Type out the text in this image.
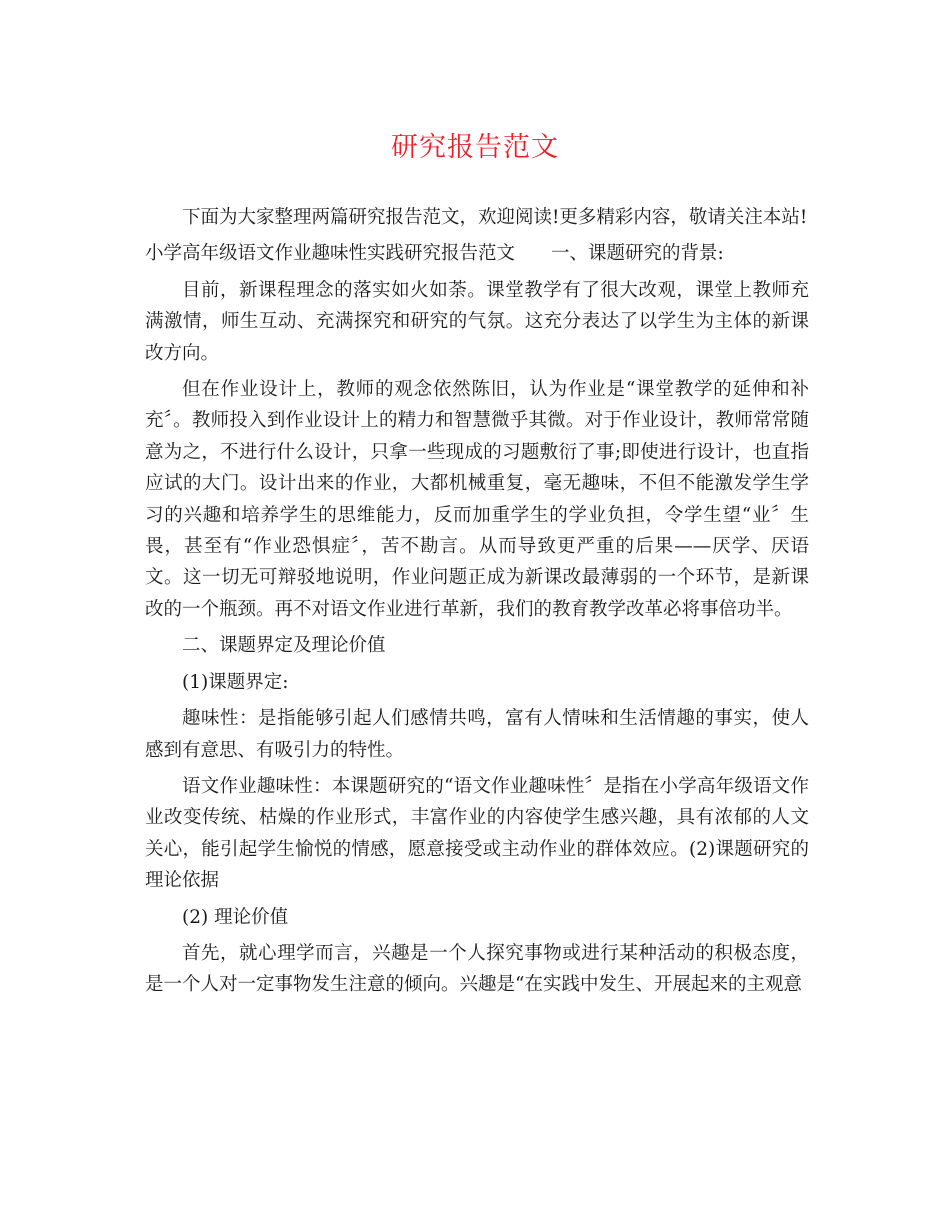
研究报告范文

下面为大家整理两篇研究报告范文，欢迎阅读!更多精彩内容，敬请关注本站!

小学高年级语文作业趣味性实践研究报告范文 一、课题研究的背景:

目前，新课程理念的落实如火如荼。课堂教学有了很大改观，课堂上教师充满激情，师生互动、充满探究和研究的气氛。这充分表达了以学生为主体的新课改方向。

但在作业设计上，教师的观念依然陈旧，认为作业是“课堂教学的延伸和补充〞。教师投入到作业设计上的精力和智慧微乎其微。对于作业设计，教师常常随意为之，不进行什么设计，只拿一些现成的习题敷衍了事;即使进行设计，也直指应试的大门。设计出来的作业，大都机械重复，毫无趣味，不但不能激发学生学习的兴趣和培养学生的思维能力，反而加重学生的学业负担，令学生望“业〞生畏，甚至有“作业恐惧症〞，苦不勘言。从而导致更严重的后果——厌学、厌语文。这一切无可辩驳地说明，作业问题正成为新课改最薄弱的一个环节，是新课改的一个瓶颈。再不对语文作业进行革新，我们的教育教学改革必将事倍功半。

二、课题界定及理论价值

(1)课题界定:

趣味性：是指能够引起人们感情共鸣，富有人情味和生活情趣的事实，使人感到有意思、有吸引力的特性。

语文作业趣味性：本课题研究的“语文作业趣味性〞是指在小学高年级语文作业改变传统、枯燥的作业形式，丰富作业的内容使学生感兴趣，具有浓郁的人文关心，能引起学生愉悦的情感，愿意接受或主动作业的群体效应。(2)课题研究的理论依据

(2) 理论价值

首先，就心理学而言，兴趣是一个人探究事物或进行某种活动的积极态度，是一个人对一定事物发生注意的倾向。兴趣是“在实践中发生、开展起来的主观意
